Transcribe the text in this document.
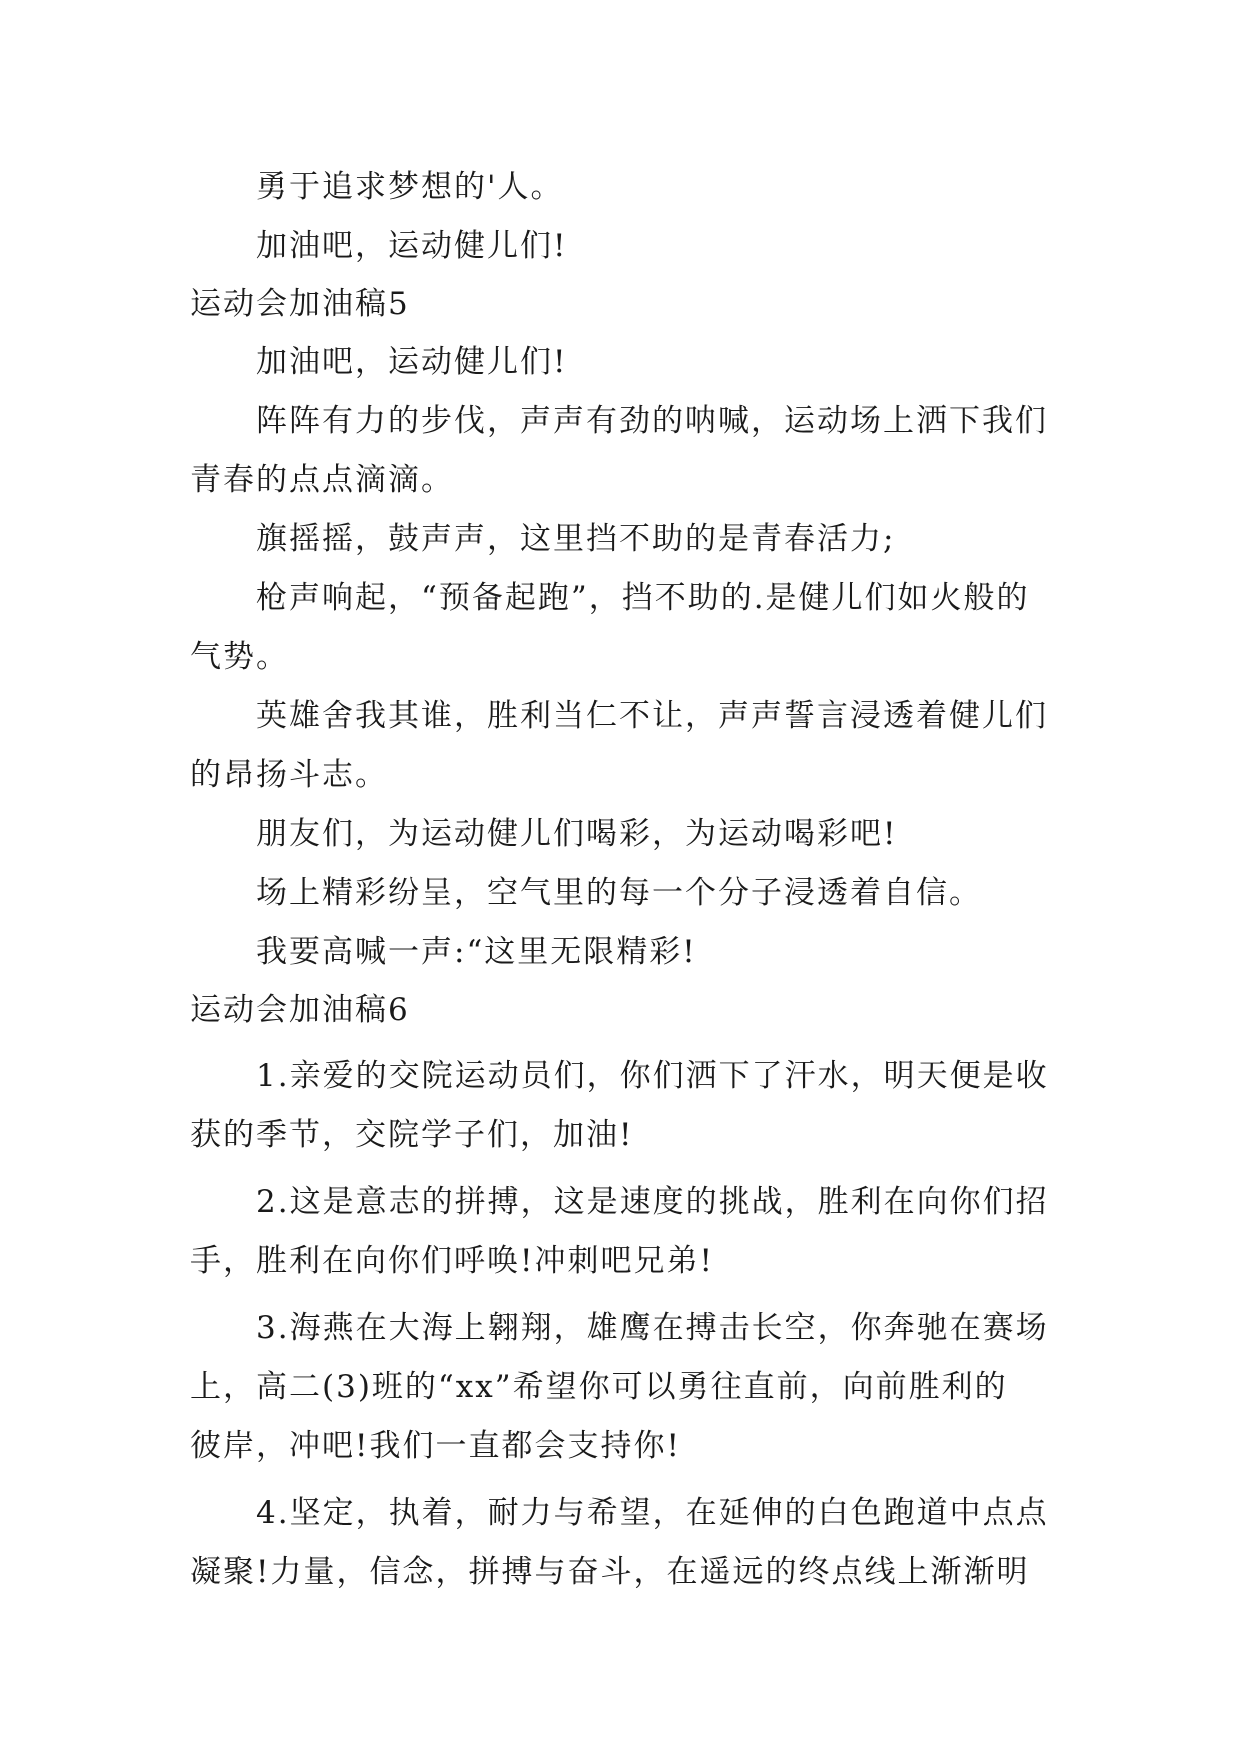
勇于追求梦想的'人。
加油吧，运动健儿们!
运动会加油稿5
加油吧，运动健儿们!
阵阵有力的步伐，声声有劲的呐喊，运动场上洒下我们
青春的点点滴滴。
旗摇摇，鼓声声，这里挡不助的是青春活力;
枪声响起，“预备起跑”，挡不助的.是健儿们如火般的
气势。
英雄舍我其谁，胜利当仁不让，声声誓言浸透着健儿们
的昂扬斗志。
朋友们，为运动健儿们喝彩，为运动喝彩吧!
场上精彩纷呈，空气里的每一个分子浸透着自信。
我要高喊一声:“这里无限精彩!
运动会加油稿6
1.亲爱的交院运动员们，你们洒下了汗水，明天便是收
获的季节，交院学子们，加油!
2.这是意志的拼搏，这是速度的挑战，胜利在向你们招
手，胜利在向你们呼唤!冲刺吧兄弟!
3.海燕在大海上翱翔，雄鹰在搏击长空，你奔驰在赛场
上，高二(3)班的“xx”希望你可以勇往直前，向前胜利的
彼岸，冲吧!我们一直都会支持你!
4.坚定，执着，耐力与希望，在延伸的白色跑道中点点
凝聚!力量，信念，拼搏与奋斗，在遥远的终点线上渐渐明
